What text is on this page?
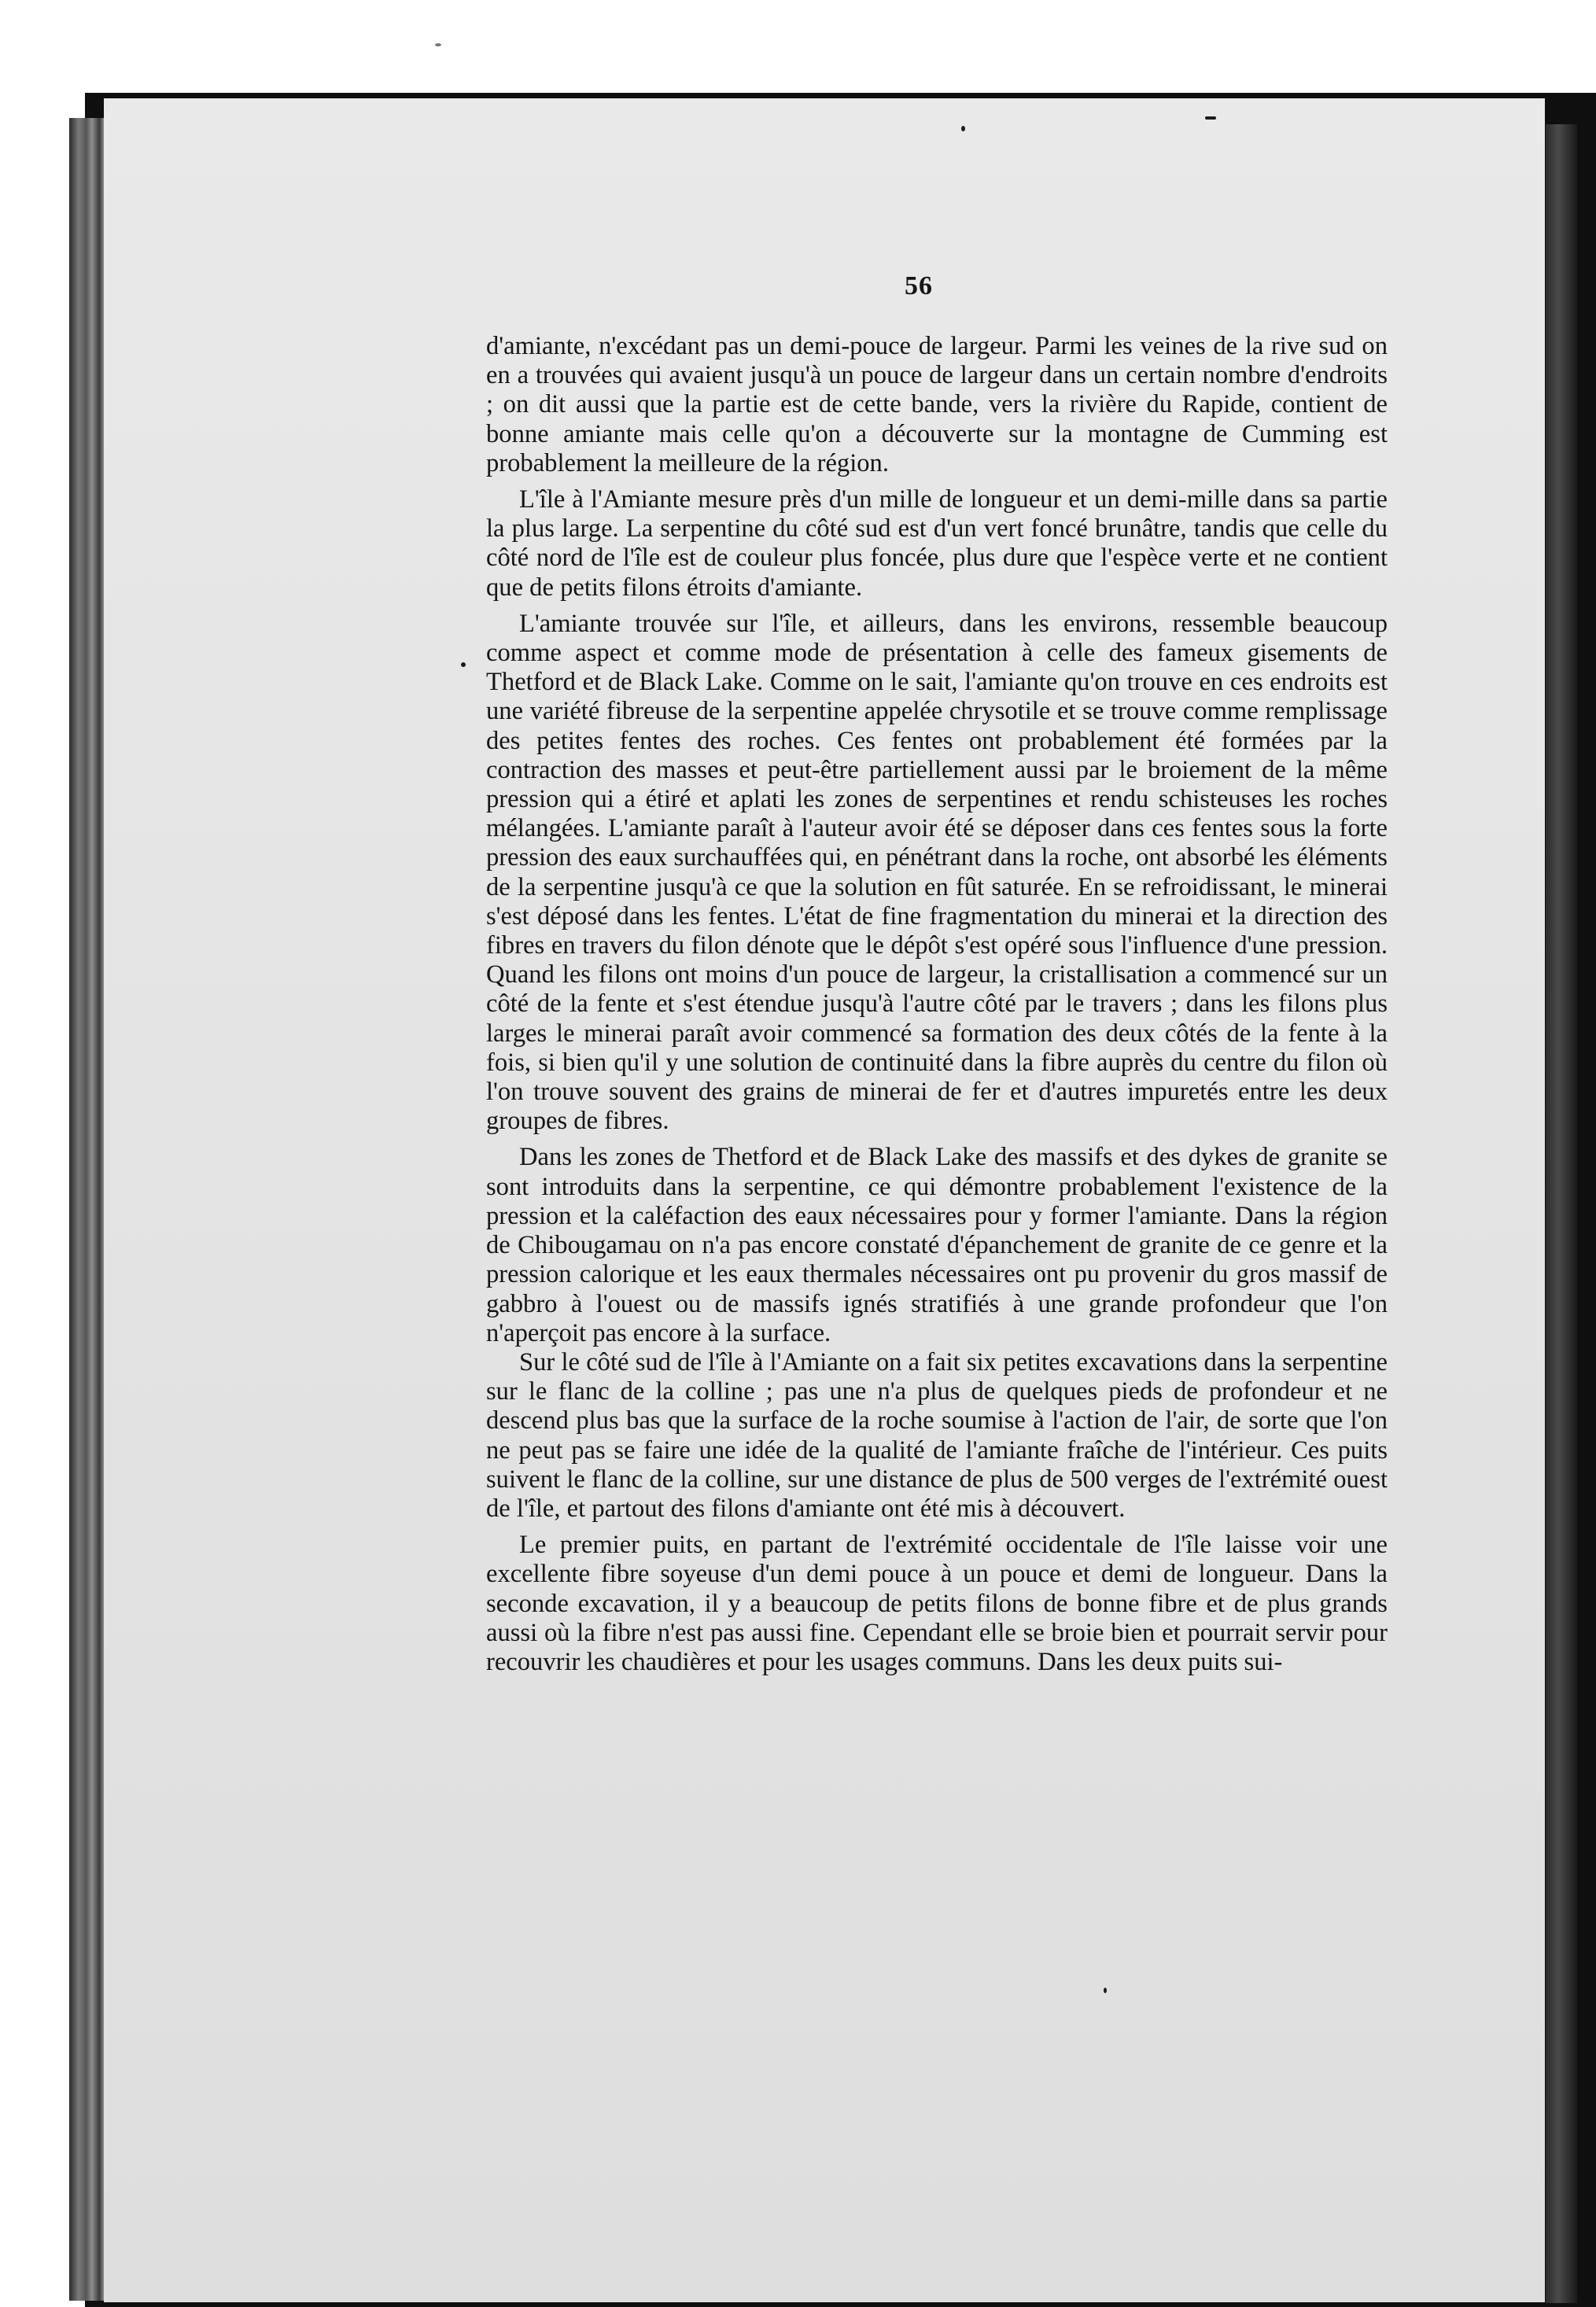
56

d'amiante, n'excédant pas un demi-pouce de largeur. Parmi les veines de la rive sud on en a trouvées qui avaient jusqu'à un pouce de largeur dans un certain nombre d'endroits ; on dit aussi que la partie est de cette bande, vers la rivière du Rapide, contient de bonne amiante mais celle qu'on a découverte sur la montagne de Cumming est probablement la meilleure de la région.

L'île à l'Amiante mesure près d'un mille de longueur et un demi-mille dans sa partie la plus large. La serpentine du côté sud est d'un vert foncé brunâtre, tandis que celle du côté nord de l'île est de couleur plus foncée, plus dure que l'espèce verte et ne contient que de petits filons étroits d'amiante.

L'amiante trouvée sur l'île, et ailleurs, dans les environs, ressemble beaucoup comme aspect et comme mode de présentation à celle des fameux gisements de Thetford et de Black Lake. Comme on le sait, l'amiante qu'on trouve en ces endroits est une variété fibreuse de la serpentine appelée chrysotile et se trouve comme remplissage des petites fentes des roches. Ces fentes ont probablement été formées par la contraction des masses et peut-être partiellement aussi par le broiement de la même pression qui a étiré et aplati les zones de serpentines et rendu schisteuses les roches mélangées. L'amiante paraît à l'auteur avoir été se déposer dans ces fentes sous la forte pression des eaux surchauffées qui, en pénétrant dans la roche, ont absorbé les éléments de la serpentine jusqu'à ce que la solution en fût saturée. En se refroidissant, le minerai s'est déposé dans les fentes. L'état de fine fragmentation du minerai et la direction des fibres en travers du filon dénote que le dépôt s'est opéré sous l'influence d'une pression. Quand les filons ont moins d'un pouce de largeur, la cristallisation a commencé sur un côté de la fente et s'est étendue jusqu'à l'autre côté par le travers ; dans les filons plus larges le minerai paraît avoir commencé sa formation des deux côtés de la fente à la fois, si bien qu'il y une solution de continuité dans la fibre auprès du centre du filon où l'on trouve souvent des grains de minerai de fer et d'autres impuretés entre les deux groupes de fibres.

Dans les zones de Thetford et de Black Lake des massifs et des dykes de granite se sont introduits dans la serpentine, ce qui démontre probablement l'existence de la pression et la caléfaction des eaux nécessaires pour y former l'amiante. Dans la région de Chibougamau on n'a pas encore constaté d'épanchement de granite de ce genre et la pression calorique et les eaux thermales nécessaires ont pu provenir du gros massif de gabbro à l'ouest ou de massifs ignés stratifiés à une grande profondeur que l'on n'aperçoit pas encore à la surface.

Sur le côté sud de l'île à l'Amiante on a fait six petites excavations dans la serpentine sur le flanc de la colline ; pas une n'a plus de quelques pieds de profondeur et ne descend plus bas que la surface de la roche soumise à l'action de l'air, de sorte que l'on ne peut pas se faire une idée de la qualité de l'amiante fraîche de l'intérieur. Ces puits suivent le flanc de la colline, sur une distance de plus de 500 verges de l'extrémité ouest de l'île, et partout des filons d'amiante ont été mis à découvert.

Le premier puits, en partant de l'extrémité occidentale de l'île laisse voir une excellente fibre soyeuse d'un demi pouce à un pouce et demi de longueur. Dans la seconde excavation, il y a beaucoup de petits filons de bonne fibre et de plus grands aussi où la fibre n'est pas aussi fine. Cependant elle se broie bien et pourrait servir pour recouvrir les chaudières et pour les usages communs. Dans les deux puits sui-
